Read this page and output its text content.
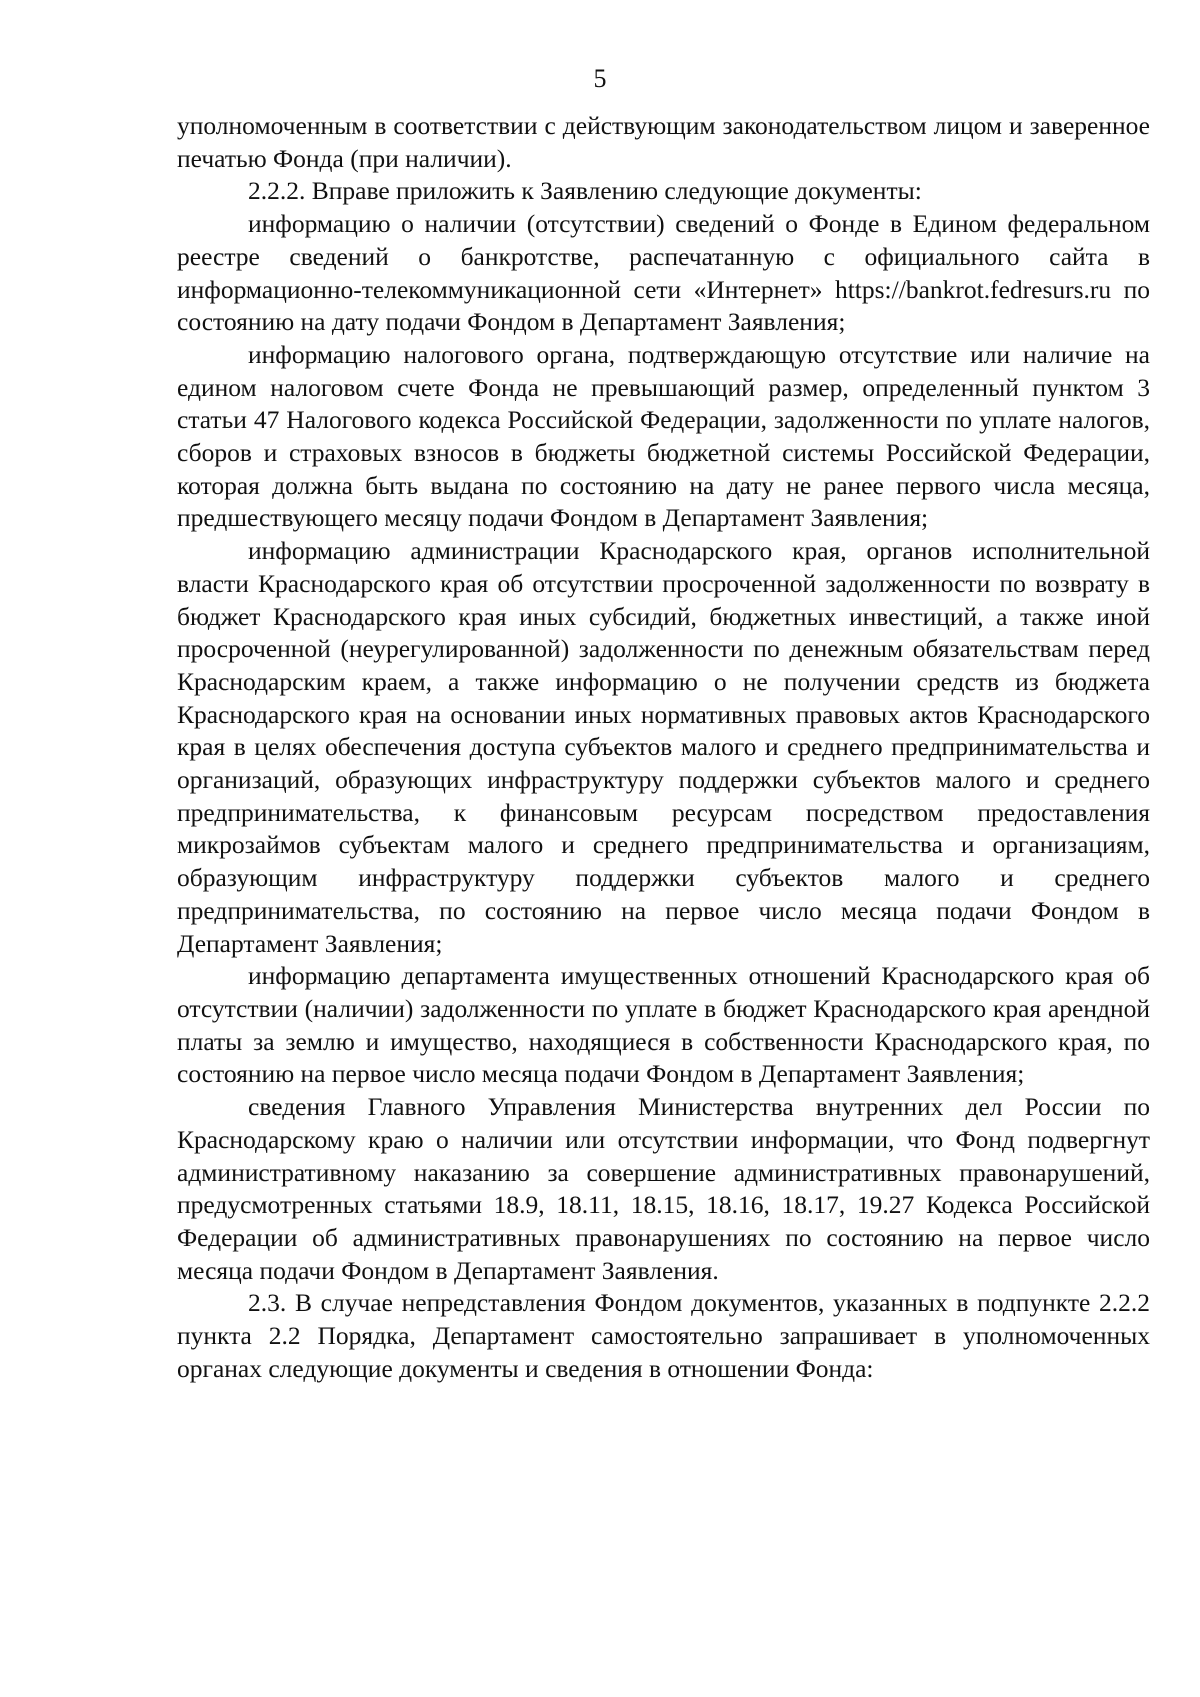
5

уполномоченным в соответствии с действующим законодательством лицом и заверенное печатью Фонда (при наличии).

2.2.2. Вправе приложить к Заявлению следующие документы:

информацию о наличии (отсутствии) сведений о Фонде в Едином федеральном реестре сведений о банкротстве, распечатанную с официального сайта в информационно-телекоммуникационной сети «Интернет» https://bankrot.fedresurs.ru по состоянию на дату подачи Фондом в Департамент Заявления;

информацию налогового органа, подтверждающую отсутствие или наличие на едином налоговом счете Фонда не превышающий размер, определенный пунктом 3 статьи 47 Налогового кодекса Российской Федерации, задолженности по уплате налогов, сборов и страховых взносов в бюджеты бюджетной системы Российской Федерации, которая должна быть выдана по состоянию на дату не ранее первого числа месяца, предшествующего месяцу подачи Фондом в Департамент Заявления;

информацию администрации Краснодарского края, органов исполнительной власти Краснодарского края об отсутствии просроченной задолженности по возврату в бюджет Краснодарского края иных субсидий, бюджетных инвестиций, а также иной просроченной (неурегулированной) задолженности по денежным обязательствам перед Краснодарским краем, а также информацию о не получении средств из бюджета Краснодарского края на основании иных нормативных правовых актов Краснодарского края в целях обеспечения доступа субъектов малого и среднего предпринимательства и организаций, образующих инфраструктуру поддержки субъектов малого и среднего предпринимательства, к финансовым ресурсам посредством предоставления микрозаймов субъектам малого и среднего предпринимательства и организациям, образующим инфраструктуру поддержки субъектов малого и среднего предпринимательства, по состоянию на первое число месяца подачи Фондом в Департамент Заявления;

информацию департамента имущественных отношений Краснодарского края об отсутствии (наличии) задолженности по уплате в бюджет Краснодарского края арендной платы за землю и имущество, находящиеся в собственности Краснодарского края, по состоянию на первое число месяца подачи Фондом в Департамент Заявления;

сведения Главного Управления Министерства внутренних дел России по Краснодарскому краю о наличии или отсутствии информации, что Фонд подвергнут административному наказанию за совершение административных правонарушений, предусмотренных статьями 18.9, 18.11, 18.15, 18.16, 18.17, 19.27 Кодекса Российской Федерации об административных правонарушениях по состоянию на первое число месяца подачи Фондом в Департамент Заявления.

2.3. В случае непредставления Фондом документов, указанных в подпункте 2.2.2 пункта 2.2 Порядка, Департамент самостоятельно запрашивает в уполномоченных органах следующие документы и сведения в отношении Фонда:
